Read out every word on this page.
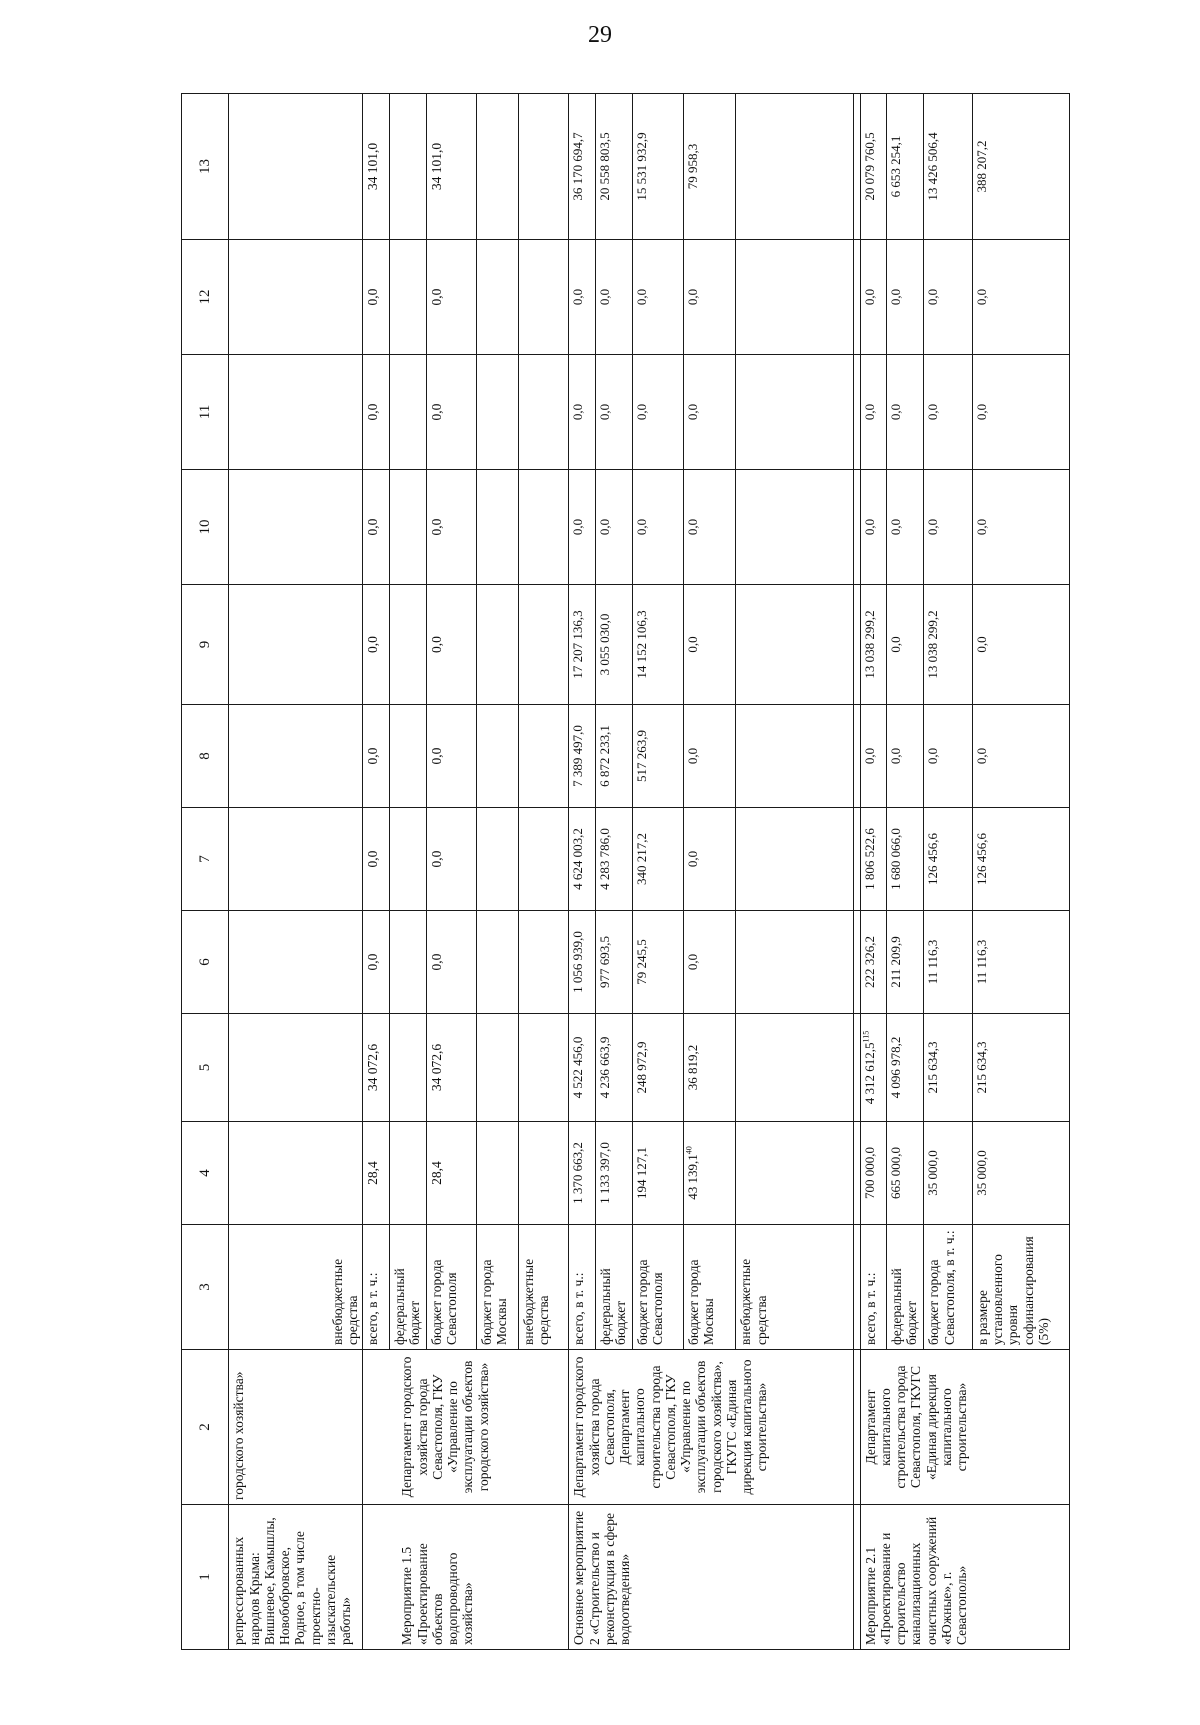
29
1	2	3	4	5	6	7	8	9	10	11	12	13
репрессированных народов Крыма: Вишневое, Камышлы, Новобобровское, Родное, в том числе проектно-изыскательские работы»	городского хозяйства»	внебюджетные средства										

Мероприятие 1.5 «Проектирование объектов водопроводного хозяйства»	Департамент городского хозяйства города Севастополя, ГКУ «Управление по эксплуатации объектов городского хозяйства»	всего, в т. ч.:	28,4	34 072,6	0,0	0,0	0,0	0,0	0,0	0,0	0,0	34 101,0
		федеральный бюджет										
		бюджет города Севастополя	28,4	34 072,6	0,0	0,0	0,0	0,0	0,0	0,0	0,0	34 101,0
		бюджет города Москвы										
		внебюджетные средства										
Основное мероприятие 2 «Строительство и реконструкция в сфере водоотведения»	Департамент городского хозяйства города Севастополя, Департамент капитального строительства города Севастополя, ГКУ «Управление по эксплуатации объектов городского хозяйства», ГКУГС «Единая дирекция капитального строительства»	всего, в т. ч.:	1 370 663,2	4 522 456,0	1 056 939,0	4 624 003,2	7 389 497,0	17 207 136,3	0,0	0,0	0,0	36 170 694,7
		федеральный бюджет	1 133 397,0	4 236 663,9	977 693,5	4 283 786,0	6 872 233,1	3 055 030,0	0,0	0,0	0,0	20 558 803,5
		бюджет города Севастополя	194 127,1	248 972,9	79 245,5	340 217,2	517 263,9	14 152 106,3	0,0	0,0	0,0	15 531 932,9
		бюджет города Москвы	43 139,1$^{40}$	36 819,2	0,0	0,0	0,0	0,0	0,0	0,0	0,0	79 958,3
		внебюджетные средства										

Мероприятие 2.1 «Проектирование и строительство канализационных очистных сооружений «Южные», г. Севастополь»	Департамент капитального строительства города Севастополя, ГКУГС «Единая дирекция капитального строительства»	всего, в т. ч.:	700 000,0	4 312 612,5$^{115}$	222 326,2	1 806 522,6	0,0	13 038 299,2	0,0	0,0	0,0	20 079 760,5
		федеральный бюджет	665 000,0	4 096 978,2	211 209,9	1 680 066,0	0,0	0,0	0,0	0,0	0,0	6 653 254,1
		бюджет города Севастополя, в т. ч.:	35 000,0	215 634,3	11 116,3	126 456,6	0,0	13 038 299,2	0,0	0,0	0,0	13 426 506,4
		в размере установленного уровня софинансирования (5%)	35 000,0	215 634,3	11 116,3	126 456,6	0,0	0,0	0,0	0,0	0,0	388 207,2
